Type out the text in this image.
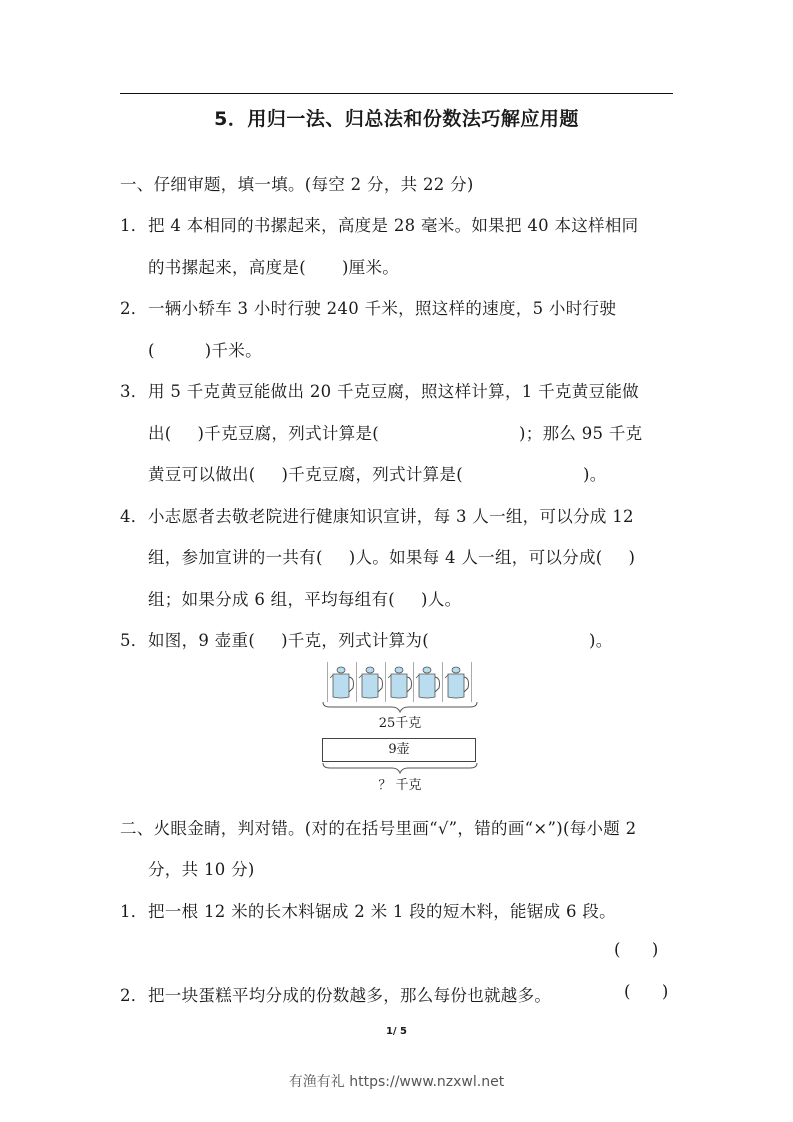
5．用归一法、归总法和份数法巧解应用题
一、仔细审题，填一填。(每空 2 分，共 22 分)
1．把 4 本相同的书摞起来，高度是 28 毫米。如果把 40 本这样相同
的书摞起来，高度是( )厘米。
2．一辆小轿车 3 小时行驶 240 千米，照这样的速度，5 小时行驶
(	)千米。
3．用 5 千克黄豆能做出 20 千克豆腐，照这样计算，1 千克黄豆能做
出( )千克豆腐，列式计算是(	)；那么 95 千克
黄豆可以做出( )千克豆腐，列式计算是(	)。
4．小志愿者去敬老院进行健康知识宣讲，每 3 人一组，可以分成 12
组，参加宣讲的一共有( )人。如果每 4 人一组，可以分成( )
组；如果分成 6 组，平均每组有( )人。
5．如图，9 壶重( )千克，列式计算为(	)。
25千克
9壶
？ 千克
二、火眼金睛，判对错。(对的在括号里画“√”，错的画“×”)(每小题 2
分，共 10 分)
1．把一根 12 米的长木料锯成 2 米 1 段的短木料，能锯成 6 段。
(      )
2．把一块蛋糕平均分成的份数越多，那么每份也就越多。	(      )
1/ 5
有渔有礼 https://www.nzxwl.net
